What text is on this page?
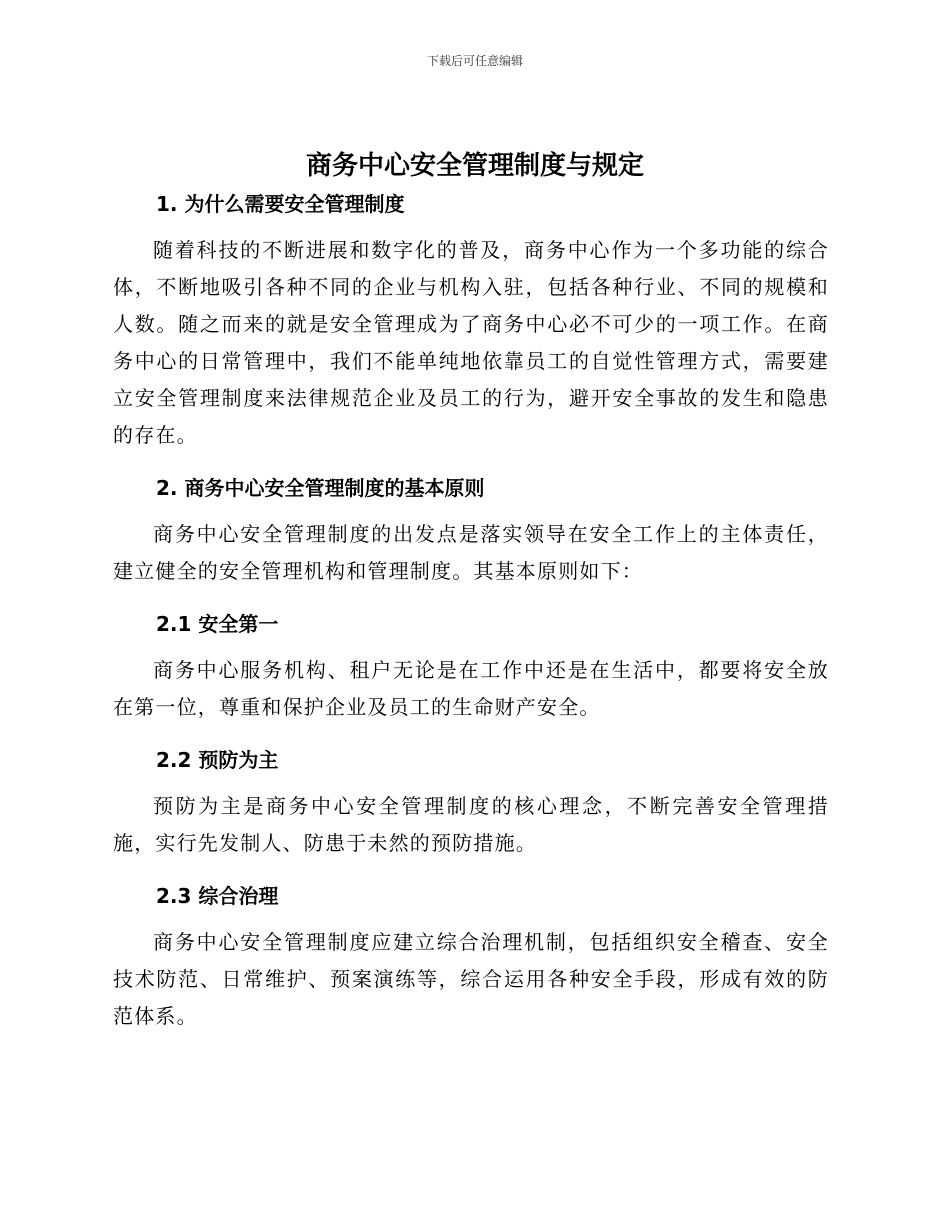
下载后可任意编辑
商务中心安全管理制度与规定
1. 为什么需要安全管理制度

随着科技的不断进展和数字化的普及，商务中心作为一个多功能的综合体，不断地吸引各种不同的企业与机构入驻，包括各种行业、不同的规模和人数。随之而来的就是安全管理成为了商务中心必不可少的一项工作。在商务中心的日常管理中，我们不能单纯地依靠员工的自觉性管理方式，需要建立安全管理制度来法律规范企业及员工的行为，避开安全事故的发生和隐患的存在。

2. 商务中心安全管理制度的基本原则

商务中心安全管理制度的出发点是落实领导在安全工作上的主体责任，建立健全的安全管理机构和管理制度。其基本原则如下：

2.1 安全第一

商务中心服务机构、租户无论是在工作中还是在生活中，都要将安全放在第一位，尊重和保护企业及员工的生命财产安全。

2.2 预防为主

预防为主是商务中心安全管理制度的核心理念，不断完善安全管理措施，实行先发制人、防患于未然的预防措施。

2.3 综合治理

商务中心安全管理制度应建立综合治理机制，包括组织安全稽查、安全技术防范、日常维护、预案演练等，综合运用各种安全手段，形成有效的防范体系。
